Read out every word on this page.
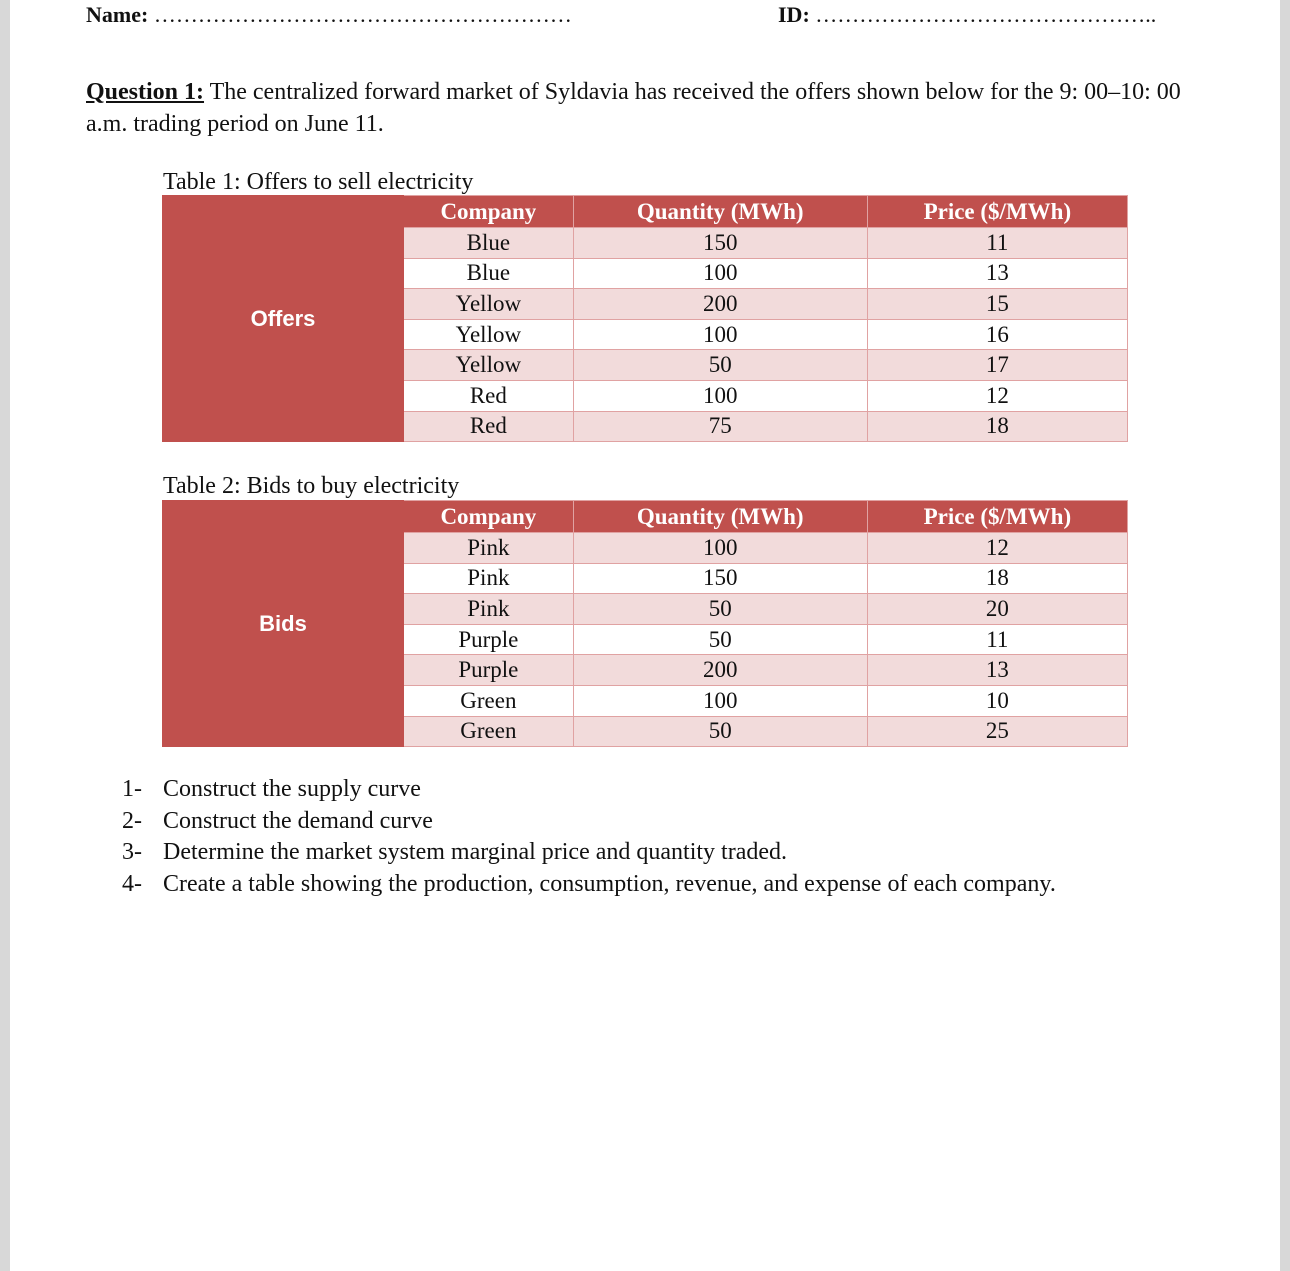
Name: …………………………………………………	ID: ………………………………………..
Question 1: The centralized forward market of Syldavia has received the offers shown below for the 9: 00–10: 00 a.m. trading period on June 11.
Table 1: Offers to sell electricity
Offers	Company	Quantity (MWh)	Price ($/MWh)
	Blue	150	11
	Blue	100	13
	Yellow	200	15
	Yellow	100	16
	Yellow	50	17
	Red	100	12
	Red	75	18
Table 2: Bids to buy electricity
Bids	Company	Quantity (MWh)	Price ($/MWh)
	Pink	100	12
	Pink	150	18
	Pink	50	20
	Purple	50	11
	Purple	200	13
	Green	100	10
	Green	50	25
1- Construct the supply curve
2- Construct the demand curve
3- Determine the market system marginal price and quantity traded.
4- Create a table showing the production, consumption, revenue, and expense of each company.
